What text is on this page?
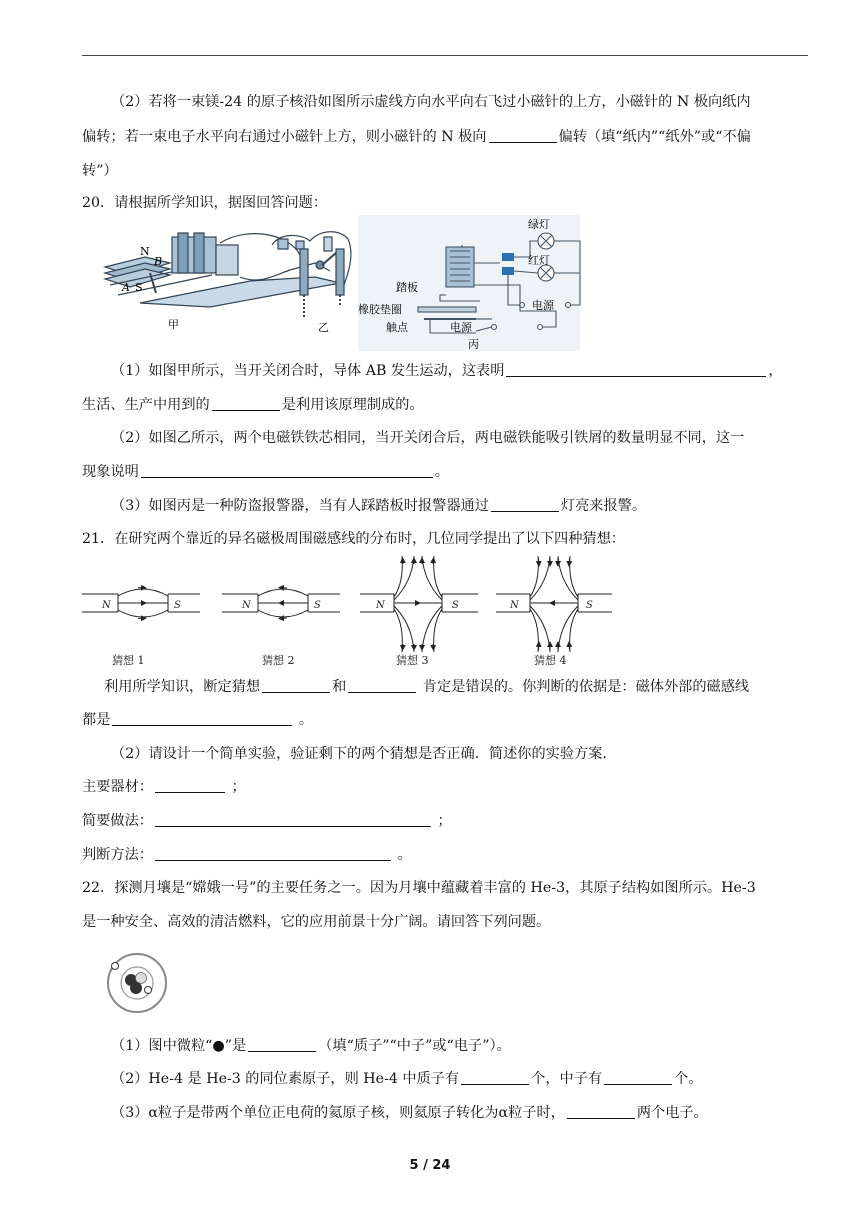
（2）若将一束镁-24 的原子核沿如图所示虚线方向水平向右飞过小磁针的上方，小磁针的 N 极向纸内
偏转；若一束电子水平向右通过小磁针上方，则小磁针的 N 极向	偏转（填“纸内”“纸外”或“不偏
转”）
20．请根据所学知识，据图回答问题：
N
B
A S
甲	乙
绿灯
红灯
电源
踏板
橡胶垫圈
触点	电源
丙
（1）如图甲所示，当开关闭合时，导体 AB 发生运动，这表明	，
生活、生产中用到的	是利用该原理制成的。
（2）如图乙所示，两个电磁铁铁芯相同，当开关闭合后，两电磁铁能吸引铁屑的数量明显不同，这一
现象说明	。
（3）如图丙是一种防盗报警器，当有人踩踏板时报警器通过	灯亮来报警。
21．在研究两个靠近的异名磁极周围磁感线的分布时，几位同学提出了以下四种猜想：
N	S	N	S	N	S	N	S
猜想 1	猜想 2	猜想 3	猜想 4
利用所学知识，断定猜想	和	肯定是错误的。你判断的依据是：磁体外部的磁感线
都是	。
（2）请设计一个简单实验，验证剩下的两个猜想是否正确．简述你的实验方案．
主要器材：	；
简要做法：	；
判断方法：	。
22．探测月壤是“嫦娥一号”的主要任务之一。因为月壤中蕴藏着丰富的 He-3，其原子结构如图所示。He-3
是一种安全、高效的清洁燃料，它的应用前景十分广阔。请回答下列问题。
（1）图中微粒“●”是	（填“质子”“中子”或“电子”）。
（2）He-4 是 He-3 的同位素原子，则 He-4 中质子有	个，中子有	个。
（3）α粒子是带两个单位正电荷的氦原子核，则氦原子转化为α粒子时，	两个电子。
5 / 24
